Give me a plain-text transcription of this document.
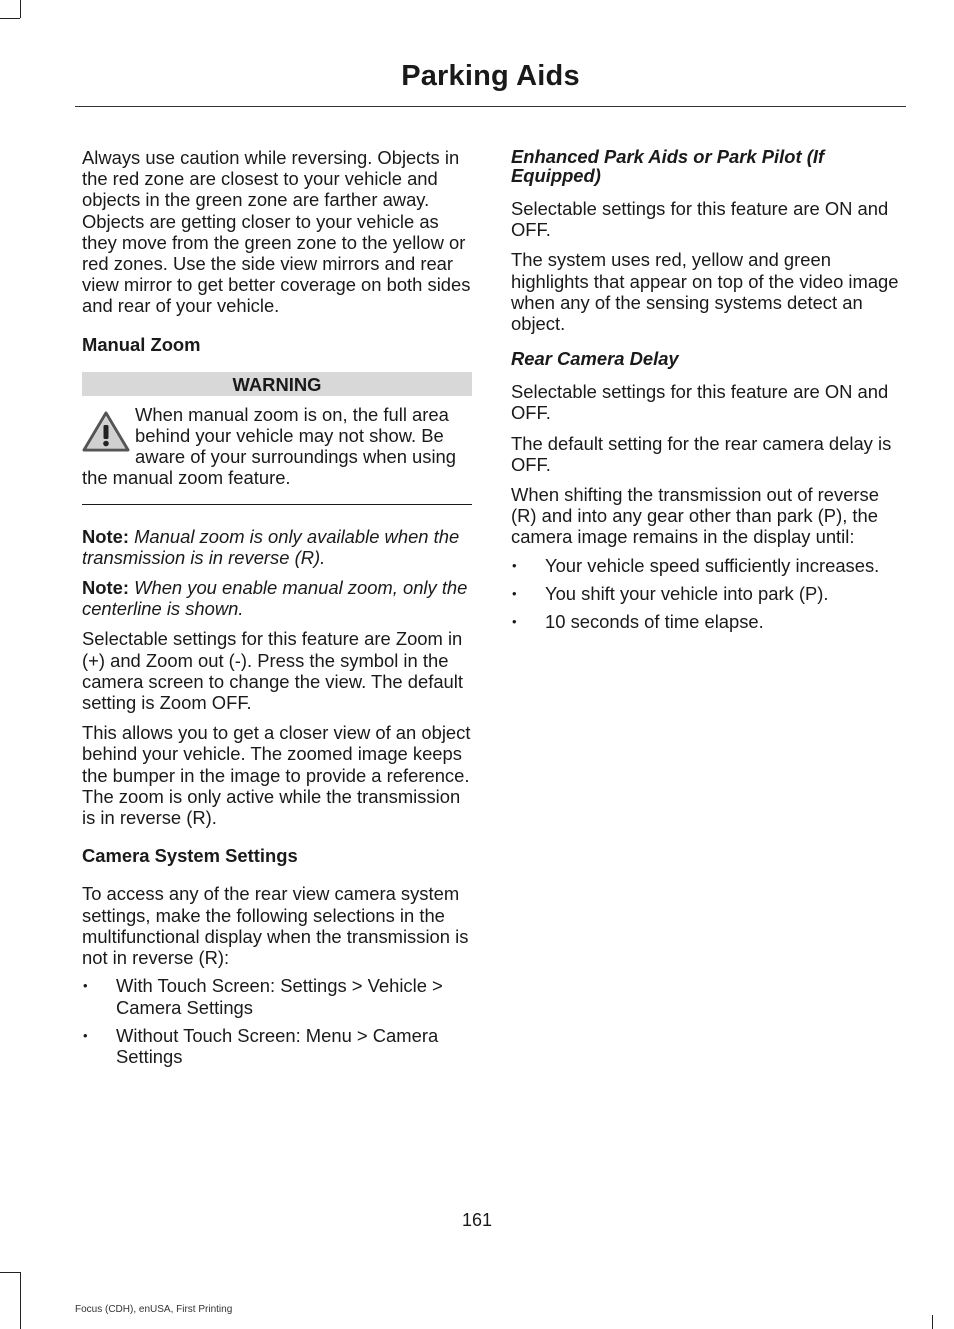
Parking Aids

Always use caution while reversing. Objects in the red zone are closest to your vehicle and objects in the green zone are farther away. Objects are getting closer to your vehicle as they move from the green zone to the yellow or red zones. Use the side view mirrors and rear view mirror to get better coverage on both sides and rear of your vehicle.

Manual Zoom

WARNING
When manual zoom is on, the full area behind your vehicle may not show. Be aware of your surroundings when using the manual zoom feature.

Note: Manual zoom is only available when the transmission is in reverse (R).

Note: When you enable manual zoom, only the centerline is shown.

Selectable settings for this feature are Zoom in (+) and Zoom out (-). Press the symbol in the camera screen to change the view. The default setting is Zoom OFF.

This allows you to get a closer view of an object behind your vehicle. The zoomed image keeps the bumper in the image to provide a reference. The zoom is only active while the transmission is in reverse (R).

Camera System Settings

To access any of the rear view camera system settings, make the following selections in the multifunctional display when the transmission is not in reverse (R):

• With Touch Screen: Settings > Vehicle > Camera Settings
• Without Touch Screen: Menu > Camera Settings

Enhanced Park Aids or Park Pilot (If Equipped)

Selectable settings for this feature are ON and OFF.

The system uses red, yellow and green highlights that appear on top of the video image when any of the sensing systems detect an object.

Rear Camera Delay

Selectable settings for this feature are ON and OFF.

The default setting for the rear camera delay is OFF.

When shifting the transmission out of reverse (R) and into any gear other than park (P), the camera image remains in the display until:

• Your vehicle speed sufficiently increases.
• You shift your vehicle into park (P).
• 10 seconds of time elapse.
161
Focus (CDH), enUSA, First Printing
